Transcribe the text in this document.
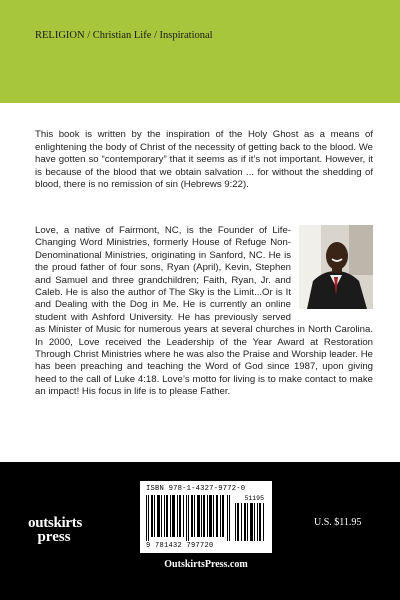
RELIGION / Christian Life / Inspirational

This book is written by the inspiration of the Holy Ghost as a means of enlightening the body of Christ of the necessity of getting back to the blood. We have gotten so “contemporary” that it seems as if it’s not important. However, it is because of the blood that we obtain salvation ... for without the shedding of blood, there is no remission of sin (Hebrews 9:22).

Love, a native of Fairmont, NC, is the Founder of Life-Changing Word Ministries, formerly House of Refuge Non-Denominational Ministries, originating in Sanford, NC. He is the proud father of four sons, Ryan (April), Kevin, Stephen and Samuel and three grandchildren; Faith, Ryan, Jr. and Caleb. He is also the author of The Sky is the Limit...Or is It and Dealing with the Dog in Me. He is currently an online student with Ashford University. He has previously served as Minister of Music for numerous years at several churches in North Carolina. In 2000, Love received the Leadership of the Year Award at Restoration Through Christ Ministries where he was also the Praise and Worship leader. He has been preaching and teaching the Word of God since 1987, upon giving heed to the call of Luke 4:18. Love’s motto for living is to make contact to make an impact! His focus in life is to please Father.
ISBN 978-1-4327-9772-0
51195
9 781432 797720
outskirts
press
OutskirtsPress.com
U.S. $11.95
